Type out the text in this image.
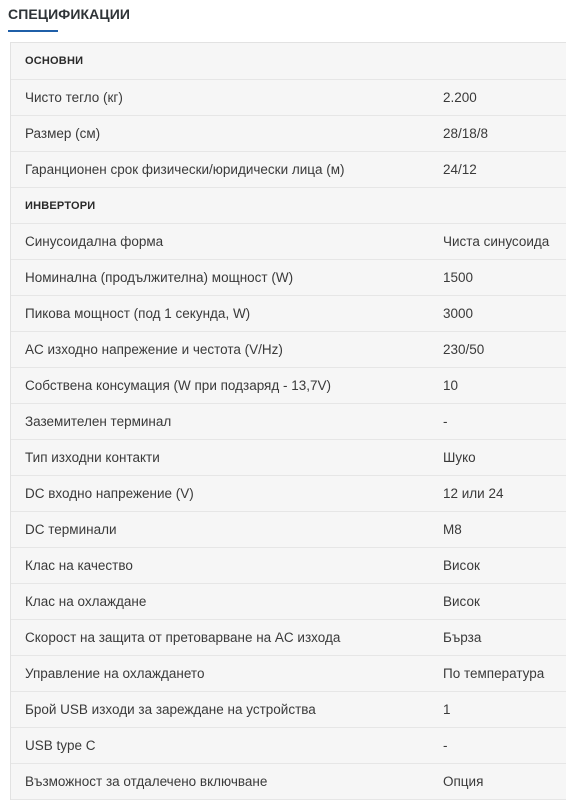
СПЕЦИФИКАЦИИ
ОСНОВНИ
Чисто тегло (кг)	2.200
Размер (см)	28/18/8
Гаранционен срок физически/юридически лица (м)	24/12
ИНВЕРТОРИ
Синусоидална форма	Чиста синусоида
Номинална (продължителна) мощност (W)	1500
Пикова мощност (под 1 секунда, W)	3000
AC изходно напрежение и честота (V/Hz)	230/50
Собствена консумация (W при подзаряд - 13,7V)	10
Заземителен терминал	-
Тип изходни контакти	Шуко
DC входно напрежение (V)	12 или 24
DC терминали	M8
Клас на качество	Висок
Клас на охлаждане	Висок
Скорост на защита от претоварване на AC изхода	Бърза
Управление на охлаждането	По температура
Брой USB изходи за зареждане на устройства	1
USB type C	-
Възможност за отдалечено включване	Опция
